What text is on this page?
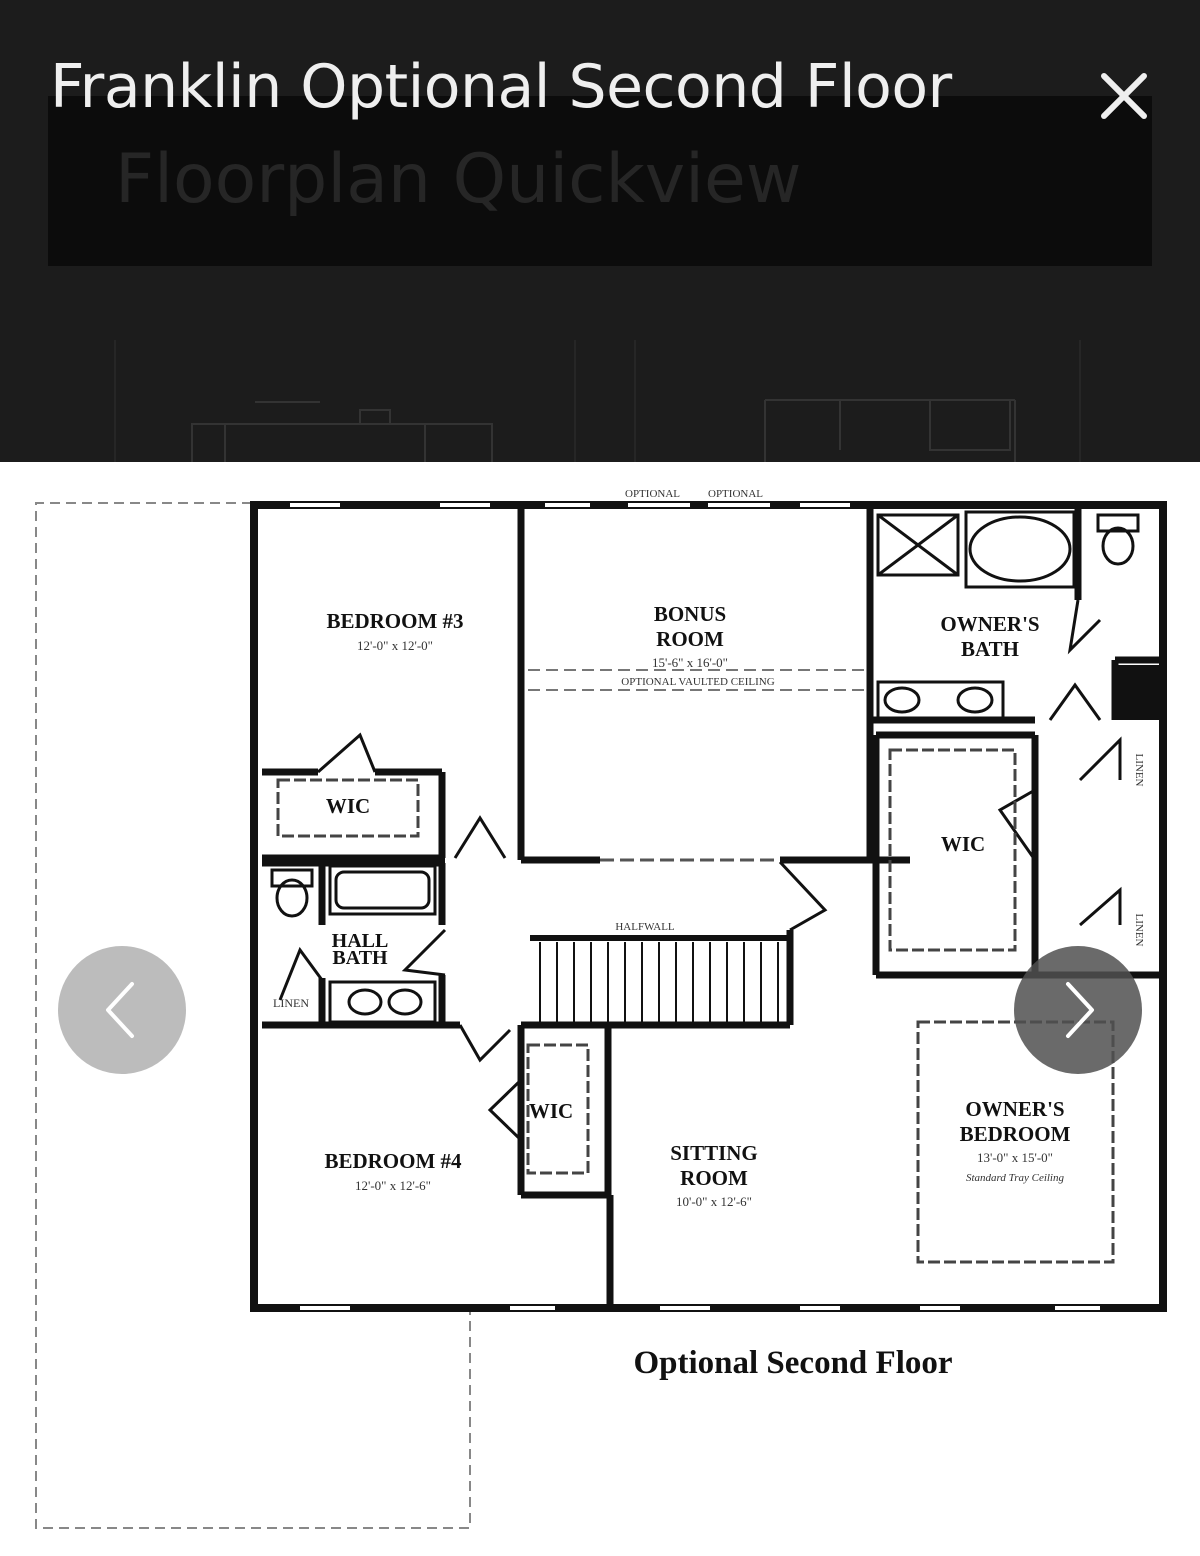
Floorplan Quickview
Franklin Optional Second Floor
OPTIONAL	OPTIONAL
BEDROOM #3
12'-0" x 12'-0"
BONUS
ROOM
15'-6" x 16'-0"
OPTIONAL VAULTED CEILING
OWNER'S
BATH
WIC
WIC
WIC
HALL
BATH
LINEN
LINEN
LINEN
HALFWALL
BEDROOM #4
12'-0" x 12'-6"
SITTING
ROOM
10'-0" x 12'-6"
OWNER'S
BEDROOM
13'-0" x 15'-0"
Standard Tray Ceiling
Optional Second Floor
